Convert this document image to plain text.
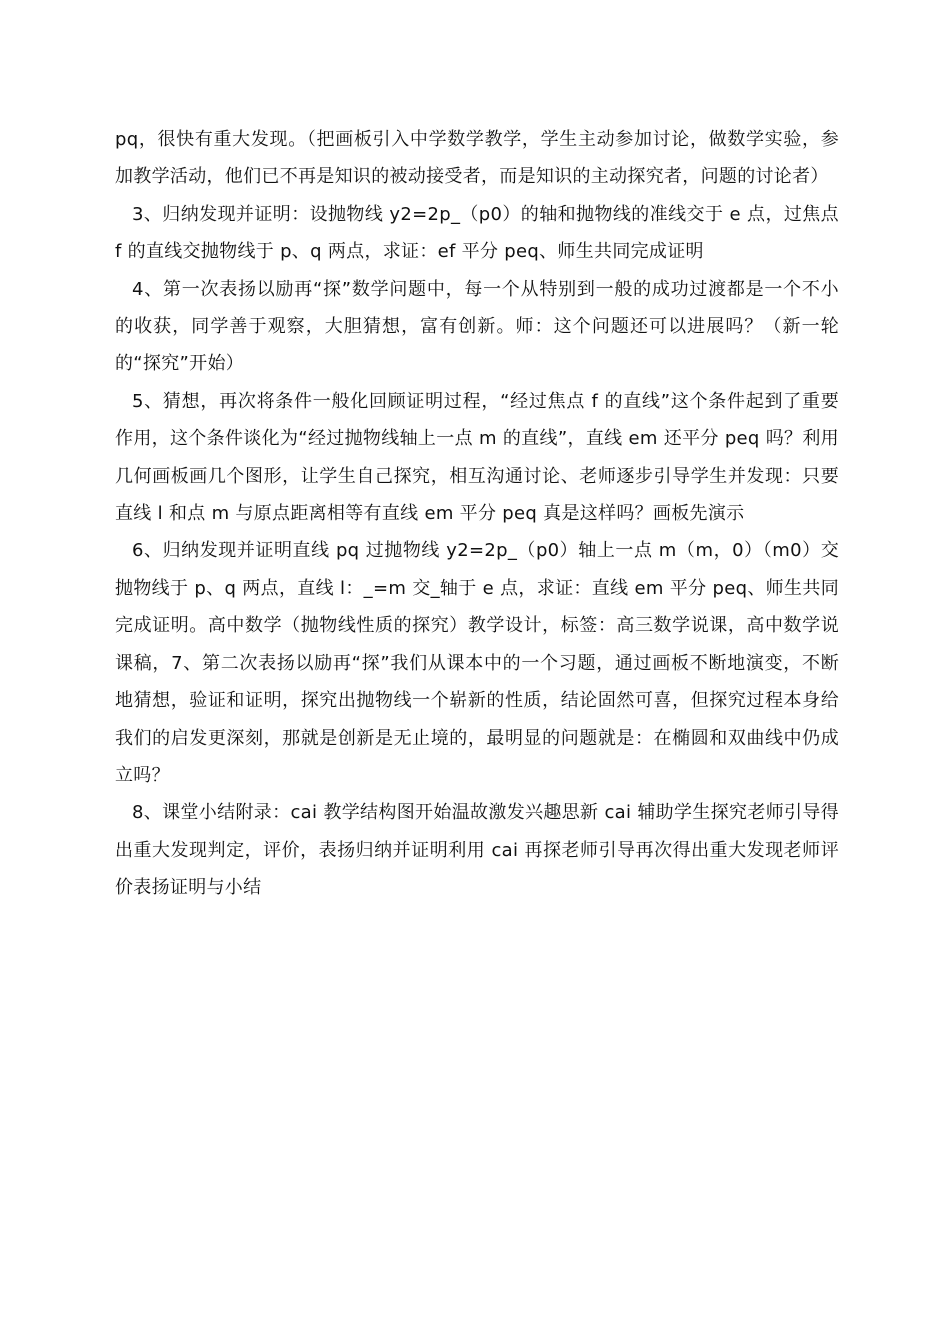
pq，很快有重大发现。（把画板引入中学数学教学，学生主动参加讨论，做数学实验，参加教学活动，他们已不再是知识的被动接受者，而是知识的主动探究者，问题的讨论者）

3、归纳发现并证明：设抛物线 y2=2p_（p0）的轴和抛物线的准线交于 e 点，过焦点 f 的直线交抛物线于 p、q 两点，求证：ef 平分 peq、师生共同完成证明

4、第一次表扬以励再“探”数学问题中，每一个从特别到一般的成功过渡都是一个不小的收获，同学善于观察，大胆猜想，富有创新。师：这个问题还可以进展吗？（新一轮的“探究”开始）

5、猜想，再次将条件一般化回顾证明过程，“经过焦点 f 的直线”这个条件起到了重要作用，这个条件谈化为“经过抛物线轴上一点 m 的直线”，直线 em 还平分 peq 吗？利用几何画板画几个图形，让学生自己探究，相互沟通讨论、老师逐步引导学生并发现：只要直线 l 和点 m 与原点距离相等有直线 em 平分 peq 真是这样吗？画板先演示

6、归纳发现并证明直线 pq 过抛物线 y2=2p_（p0）轴上一点 m（m，0）（m0）交抛物线于 p、q 两点，直线 l：_=m 交_轴于 e 点，求证：直线 em 平分 peq、师生共同完成证明。高中数学（抛物线性质的探究）教学设计，标签：高三数学说课，高中数学说课稿，7、第二次表扬以励再“探”我们从课本中的一个习题，通过画板不断地演变，不断地猜想，验证和证明，探究出抛物线一个崭新的性质，结论固然可喜，但探究过程本身给我们的启发更深刻，那就是创新是无止境的，最明显的问题就是：在椭圆和双曲线中仍成立吗？

8、课堂小结附录：cai 教学结构图开始温故激发兴趣思新 cai 辅助学生探究老师引导得出重大发现判定，评价，表扬归纳并证明利用 cai 再探老师引导再次得出重大发现老师评价表扬证明与小结
